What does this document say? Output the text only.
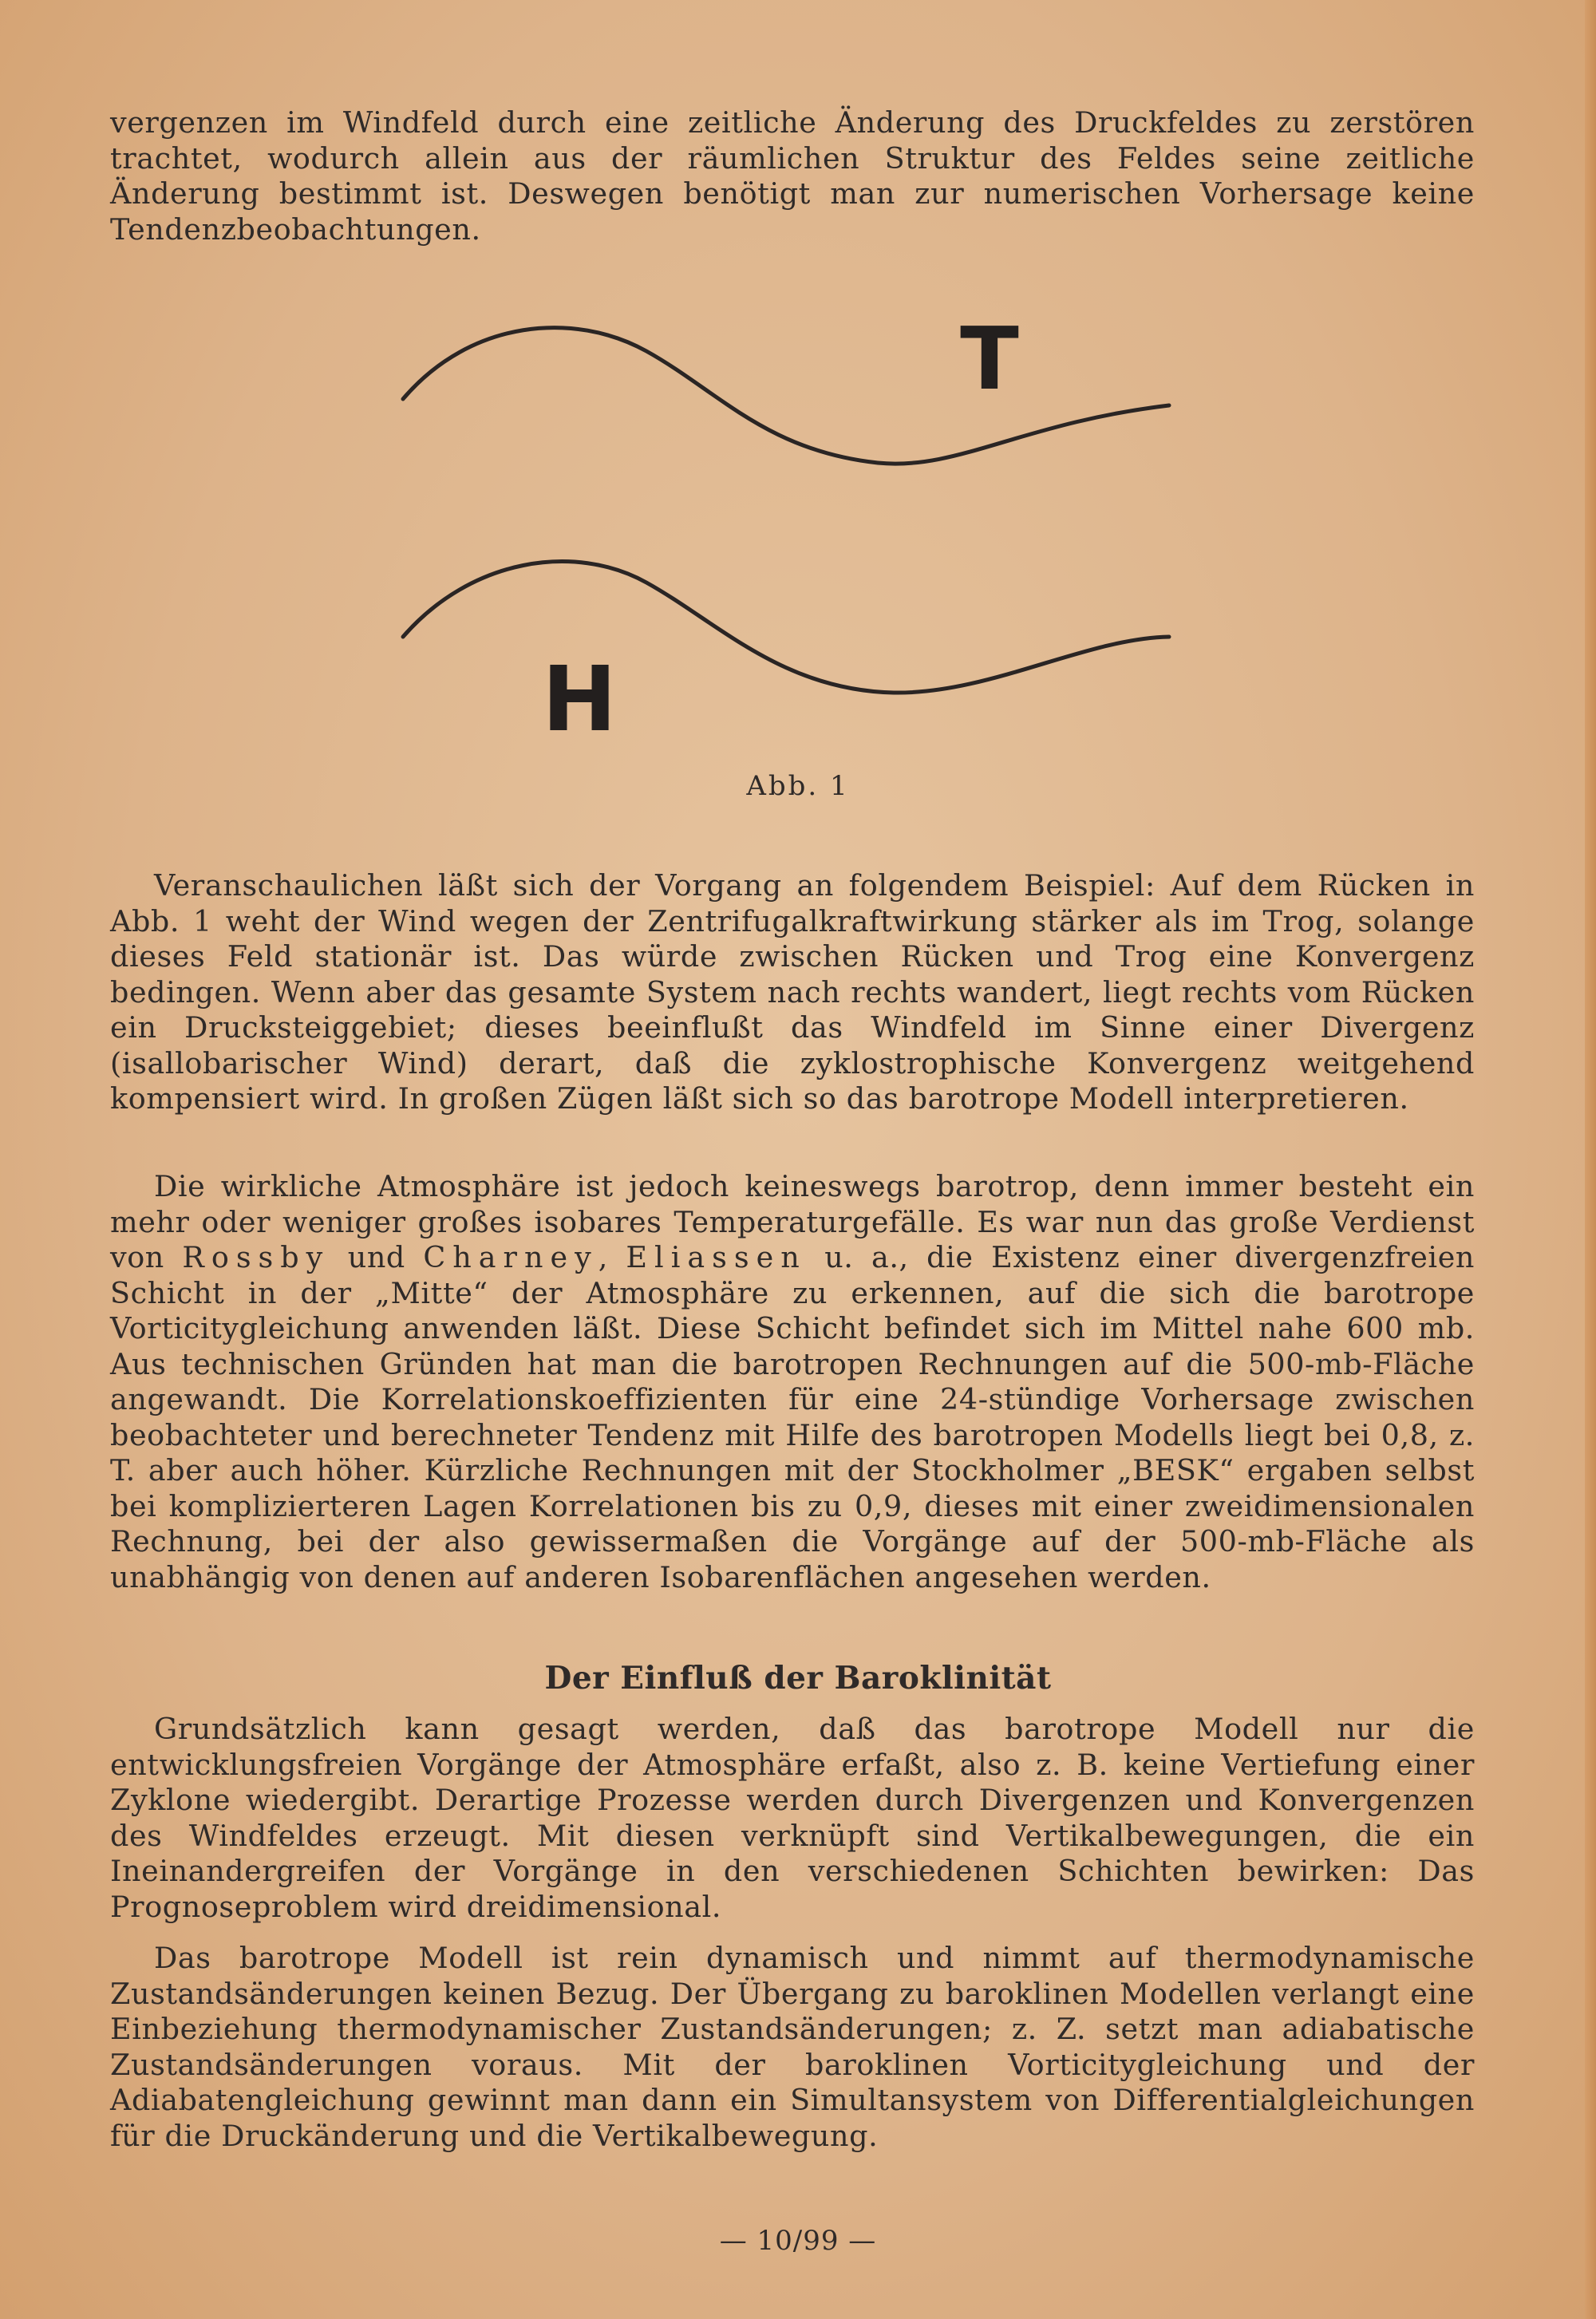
vergenzen im Windfeld durch eine zeitliche Änderung des Druckfeldes zu zerstören trachtet, wodurch allein aus der räumlichen Struktur des Feldes seine zeitliche Änderung bestimmt ist. Deswegen benötigt man zur numerischen Vorhersage keine Tendenzbeobachtungen.

T
H
Abb. 1

Veranschaulichen läßt sich der Vorgang an folgendem Beispiel: Auf dem Rücken in Abb. 1 weht der Wind wegen der Zentrifugalkraftwirkung stärker als im Trog, solange dieses Feld stationär ist. Das würde zwischen Rücken und Trog eine Konvergenz bedingen. Wenn aber das gesamte System nach rechts wandert, liegt rechts vom Rücken ein Drucksteiggebiet; dieses beeinflußt das Windfeld im Sinne einer Divergenz (isallobarischer Wind) derart, daß die zyklostrophische Konvergenz weitgehend kompensiert wird. In großen Zügen läßt sich so das barotrope Modell interpretieren.

Die wirkliche Atmosphäre ist jedoch keineswegs barotrop, denn immer besteht ein mehr oder weniger großes isobares Temperaturgefälle. Es war nun das große Verdienst von Rossby und Charney, Eliassen u. a., die Existenz einer divergenzfreien Schicht in der „Mitte“ der Atmosphäre zu erkennen, auf die sich die barotrope Vorticitygleichung anwenden läßt. Diese Schicht befindet sich im Mittel nahe 600 mb. Aus technischen Gründen hat man die barotropen Rechnungen auf die 500-mb-Fläche angewandt. Die Korrelationskoeffizienten für eine 24-stündige Vorhersage zwischen beobachteter und berechneter Tendenz mit Hilfe des barotropen Modells liegt bei 0,8, z. T. aber auch höher. Kürzliche Rechnungen mit der Stockholmer „BESK“ ergaben selbst bei komplizierteren Lagen Korrelationen bis zu 0,9, dieses mit einer zweidimensionalen Rechnung, bei der also gewissermaßen die Vorgänge auf der 500-mb-Fläche als unabhängig von denen auf anderen Isobarenflächen angesehen werden.

Der Einfluß der Baroklinität

Grundsätzlich kann gesagt werden, daß das barotrope Modell nur die entwicklungsfreien Vorgänge der Atmosphäre erfaßt, also z. B. keine Vertiefung einer Zyklone wiedergibt. Derartige Prozesse werden durch Divergenzen und Konvergenzen des Windfeldes erzeugt. Mit diesen verknüpft sind Vertikalbewegungen, die ein Ineinandergreifen der Vorgänge in den verschiedenen Schichten bewirken: Das Prognoseproblem wird dreidimensional.

Das barotrope Modell ist rein dynamisch und nimmt auf thermodynamische Zustandsänderungen keinen Bezug. Der Übergang zu baroklinen Modellen verlangt eine Einbeziehung thermodynamischer Zustandsänderungen; z. Z. setzt man adiabatische Zustandsänderungen voraus. Mit der baroklinen Vorticitygleichung und der Adiabatengleichung gewinnt man dann ein Simultansystem von Differentialgleichungen für die Druckänderung und die Vertikalbewegung.

— 10/99 —
